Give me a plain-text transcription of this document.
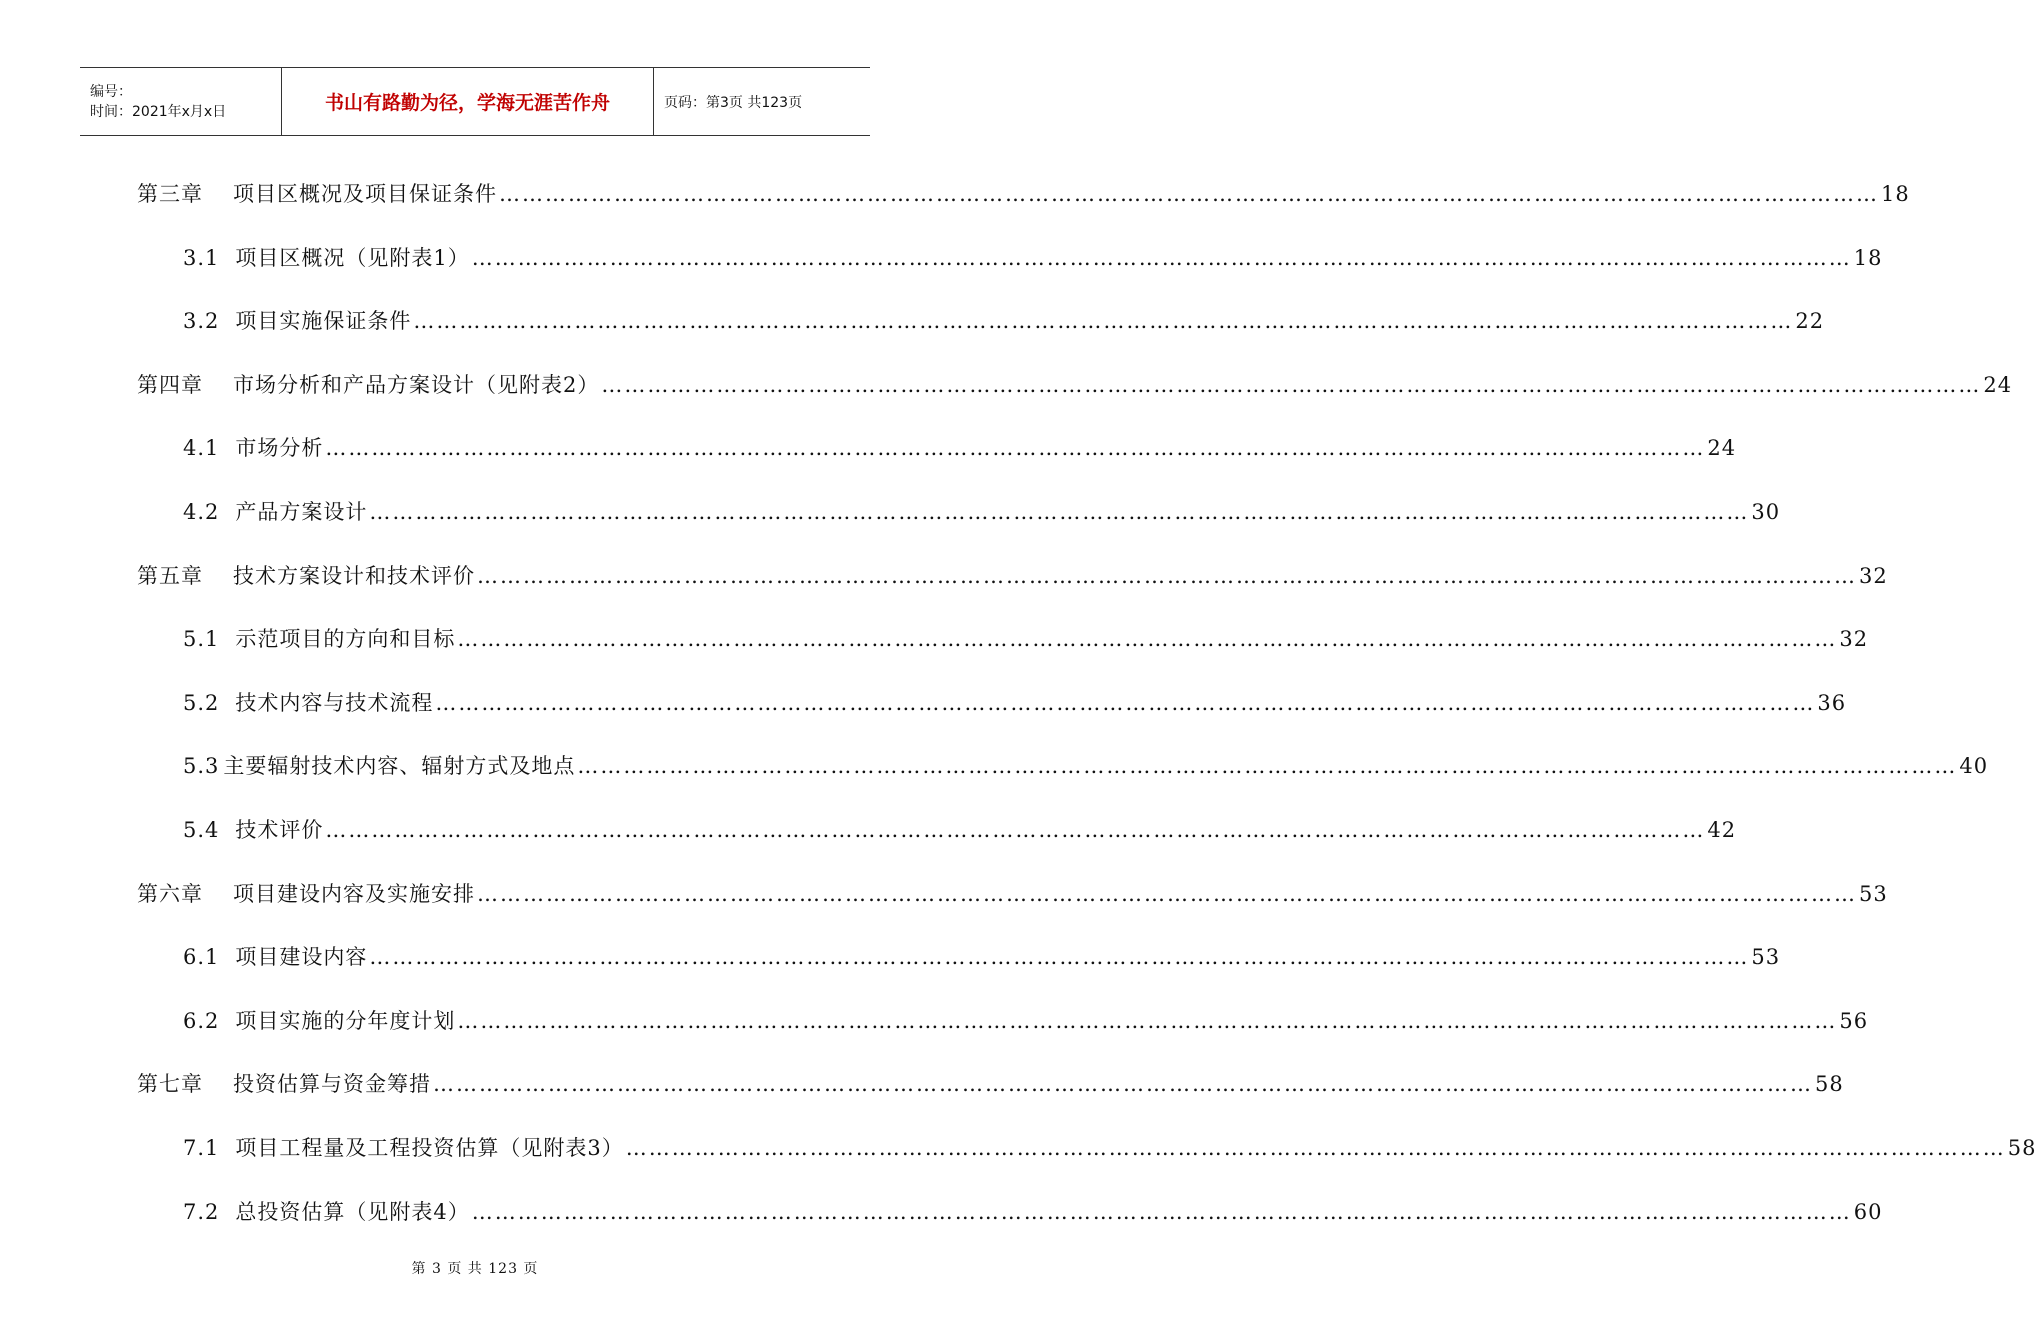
编号：
时间：2021年x月x日	书山有路勤为径，学海无涯苦作舟	页码：第3页 共123页
第三章 项目区概况及项目保证条件 ……………………………………………………………………………………………………………………………………………………………… 18
3.1 项目区概况（见附表1） ……………………………………………………………………………………………………………………………………………………………… 18
3.2 项目实施保证条件 ……………………………………………………………………………………………………………………………………………………………… 22
第四章 市场分析和产品方案设计（见附表2） ……………………………………………………………………………………………………………………………………………………………… 24
4.1 市场分析 ……………………………………………………………………………………………………………………………………………………………… 24
4.2 产品方案设计 ……………………………………………………………………………………………………………………………………………………………… 30
第五章 技术方案设计和技术评价 ……………………………………………………………………………………………………………………………………………………………… 32
5.1 示范项目的方向和目标 ……………………………………………………………………………………………………………………………………………………………… 32
5.2 技术内容与技术流程 ……………………………………………………………………………………………………………………………………………………………… 36
5.3 主要辐射技术内容、辐射方式及地点 ……………………………………………………………………………………………………………………………………………………………… 40
5.4 技术评价 ……………………………………………………………………………………………………………………………………………………………… 42
第六章 项目建设内容及实施安排 ……………………………………………………………………………………………………………………………………………………………… 53
6.1 项目建设内容 ……………………………………………………………………………………………………………………………………………………………… 53
6.2 项目实施的分年度计划 ……………………………………………………………………………………………………………………………………………………………… 56
第七章 投资估算与资金筹措 ……………………………………………………………………………………………………………………………………………………………… 58
7.1 项目工程量及工程投资估算（见附表3） ……………………………………………………………………………………………………………………………………………………………… 58
7.2 总投资估算（见附表4） ……………………………………………………………………………………………………………………………………………………………… 60
第 3 页 共 123 页
